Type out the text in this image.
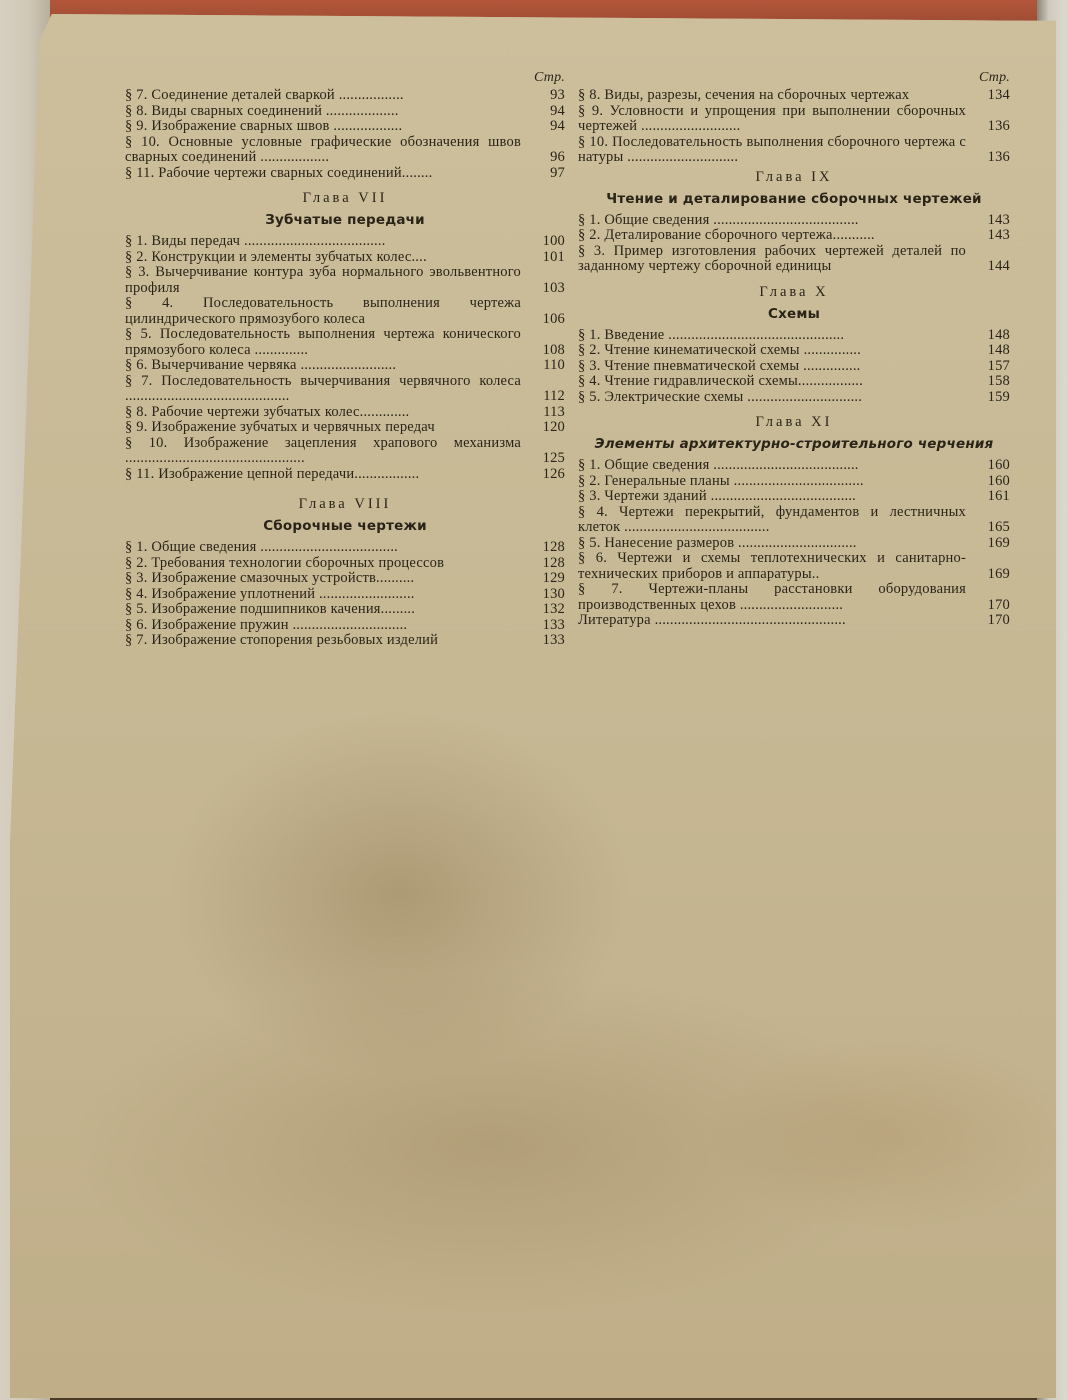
Стр.
§ 7. Соединение деталей сваркой .................	93
§ 8. Виды сварных соединений ...................	94
§ 9. Изображение сварных швов ..................	94
§ 10. Основные условные графические обозначения швов сварных соединений ..................	96
§ 11. Рабочие чертежи сварных соединений........	97
Глава VII
Зубчатые передачи
§ 1. Виды передач .....................................	100
§ 2. Конструкции и элементы зубчатых колес....	101
§ 3. Вычерчивание контура зуба нормального эвольвентного профиля	103
§ 4. Последовательность выполнения чертежа цилиндрического прямозубого колеса	106
§ 5. Последовательность выполнения чертежа конического прямозубого колеса ..............	108
§ 6. Вычерчивание червяка .........................	110
§ 7. Последовательность вычерчивания червячного колеса ...........................................	112
§ 8. Рабочие чертежи зубчатых колес.............	113
§ 9. Изображение зубчатых и червячных передач	120
§ 10. Изображение зацепления храпового механизма ...............................................	125
§ 11. Изображение цепной передачи.................	126
Глава VIII
Сборочные чертежи
§ 1. Общие сведения ....................................	128
§ 2. Требования технологии сборочных процессов	128
§ 3. Изображение смазочных устройств..........	129
§ 4. Изображение уплотнений .........................	130
§ 5. Изображение подшипников качения.........	132
§ 6. Изображение пружин ..............................	133
§ 7. Изображение стопорения резьбовых изделий	133
Стр.
§ 8. Виды, разрезы, сечения на сборочных чертежах	134
§ 9. Условности и упрощения при выполнении сборочных чертежей ..........................	136
§ 10. Последовательность выполнения сборочного чертежа с натуры .............................	136
Глава IX
Чтение и деталирование сборочных чертежей
§ 1. Общие сведения ......................................	143
§ 2. Деталирование сборочного чертежа...........	143
§ 3. Пример изготовления рабочих чертежей деталей по заданному чертежу сборочной единицы	144
Глава X
Схемы
§ 1. Введение ..............................................	148
§ 2. Чтение кинематической схемы ...............	148
§ 3. Чтение пневматической схемы ...............	157
§ 4. Чтение гидравлической схемы.................	158
§ 5. Электрические схемы ..............................	159
Глава XI
Элементы архитектурно-строительного черчения
§ 1. Общие сведения ......................................	160
§ 2. Генеральные планы ..................................	160
§ 3. Чертежи зданий ......................................	161
§ 4. Чертежи перекрытий, фундаментов и лестничных клеток ......................................	165
§ 5. Нанесение размеров ...............................	169
§ 6. Чертежи и схемы теплотехнических и санитарно-технических приборов и аппаратуры..	169
§ 7. Чертежи-планы расстановки оборудования производственных цехов ...........................	170
Литература ..................................................	170
